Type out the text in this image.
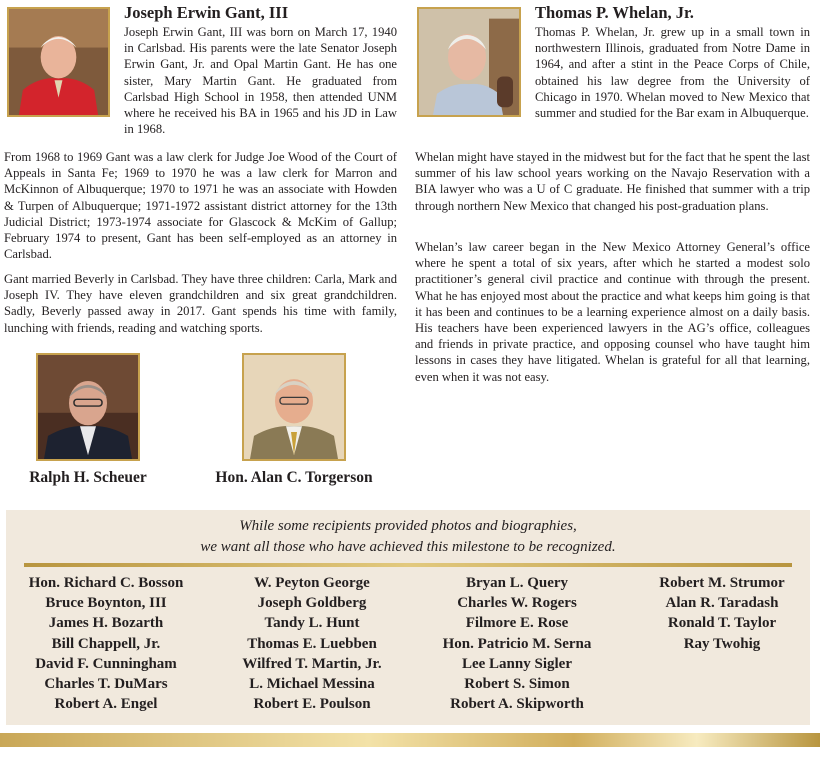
Joseph Erwin Gant, III

Joseph Erwin Gant, III was born on March 17, 1940 in Carlsbad. His parents were the late Senator Joseph Erwin Gant, Jr. and Opal Martin Gant. He has one sister, Mary Martin Gant. He graduated from Carlsbad High School in 1958, then attended UNM where he received his BA in 1965 and his JD in Law in 1968.

From 1968 to 1969 Gant was a law clerk for Judge Joe Wood of the Court of Appeals in Santa Fe; 1969 to 1970 he was a law clerk for Marron and McKinnon of Albuquerque; 1970 to 1971 he was an associate with Howden & Turpen of Albuquerque; 1971-1972 assistant district attorney for the 13th Judicial District; 1973-1974 associate for Glascock & McKim of Gallup; February 1974 to present, Gant has been self-employed as an attorney in Carlsbad.

Gant married Beverly in Carlsbad. They have three children: Carla, Mark and Joseph IV. They have eleven grandchildren and six great grandchildren. Sadly, Beverly passed away in 2017. Gant spends his time with family, lunching with friends, reading and watching sports.

Thomas P. Whelan, Jr.

Thomas P. Whelan, Jr. grew up in a small town in northwestern Illinois, graduated from Notre Dame in 1964, and after a stint in the Peace Corps of Chile, obtained his law degree from the University of Chicago in 1970. Whelan moved to New Mexico that summer and studied for the Bar exam in Albuquerque.

Whelan might have stayed in the midwest but for the fact that he spent the last summer of his law school years working on the Navajo Reservation with a BIA lawyer who was a U of C graduate. He finished that summer with a trip through northern New Mexico that changed his post-graduation plans.

Whelan’s law career began in the New Mexico Attorney General’s office where he spent a total of six years, after which he started a modest solo practitioner’s general civil practice and continue with through the present. What he has enjoyed most about the practice and what keeps him going is that it has been and continues to be a learning experience almost on a daily basis. His teachers have been experienced lawyers in the AG’s office, colleagues and friends in private practice, and opposing counsel who have taught him lessons in cases they have litigated. Whelan is grateful for all that learning, even when it was not easy.

Ralph H. Scheuer	Hon. Alan C. Torgerson
While some recipients provided photos and biographies,
we want all those who have achieved this milestone to be recognized.
Hon. Richard C. Bosson
Bruce Boynton, III
James H. Bozarth
Bill Chappell, Jr.
David F. Cunningham
Charles T. DuMars
Robert A. Engel
W. Peyton George
Joseph Goldberg
Tandy L. Hunt
Thomas E. Luebben
Wilfred T. Martin, Jr.
L. Michael Messina
Robert E. Poulson
Bryan L. Query
Charles W. Rogers
Filmore E. Rose
Hon. Patricio M. Serna
Lee Lanny Sigler
Robert S. Simon
Robert A. Skipworth
Robert M. Strumor
Alan R. Taradash
Ronald T. Taylor
Ray Twohig
